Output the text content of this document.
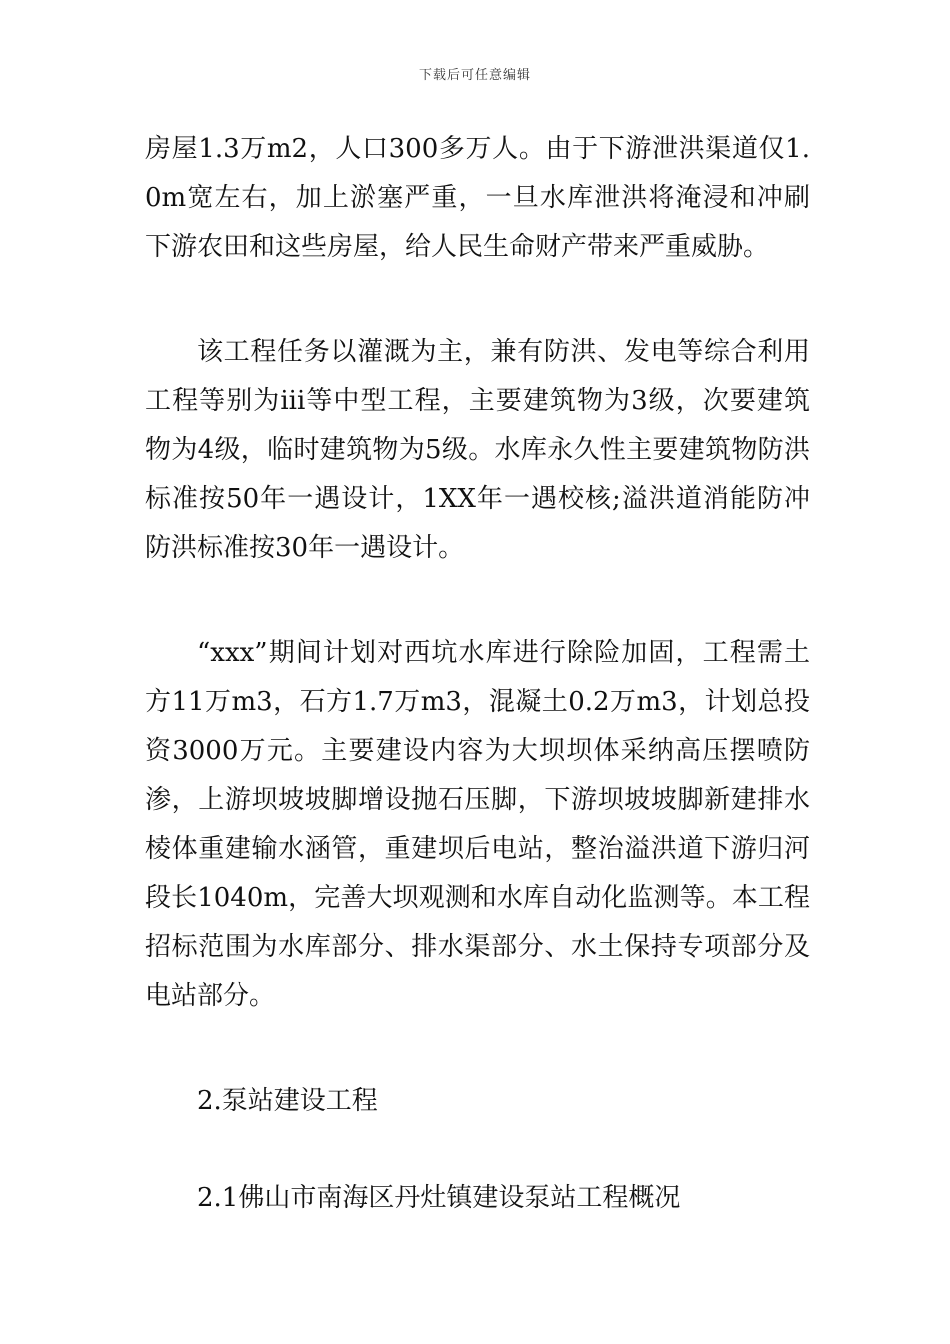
下载后可任意编辑

房屋1.3万m2，人口300多万人。由于下游泄洪渠道仅1.0m宽左右，加上淤塞严重，一旦水库泄洪将淹浸和冲刷下游农田和这些房屋，给人民生命财产带来严重威胁。

该工程任务以灌溉为主，兼有防洪、发电等综合利用工程等别为iii等中型工程，主要建筑物为3级，次要建筑物为4级，临时建筑物为5级。水库永久性主要建筑物防洪标准按50年一遇设计，1XX年一遇校核;溢洪道消能防冲防洪标准按30年一遇设计。

“xxx”期间计划对西坑水库进行除险加固，工程需土方11万m3，石方1.7万m3，混凝土0.2万m3，计划总投资3000万元。主要建设内容为大坝坝体采纳高压摆喷防渗，上游坝坡坡脚增设抛石压脚，下游坝坡坡脚新建排水棱体重建输水涵管，重建坝后电站，整治溢洪道下游归河段长1040m，完善大坝观测和水库自动化监测等。本工程招标范围为水库部分、排水渠部分、水土保持专项部分及电站部分。

2.泵站建设工程

2.1佛山市南海区丹灶镇建设泵站工程概况
